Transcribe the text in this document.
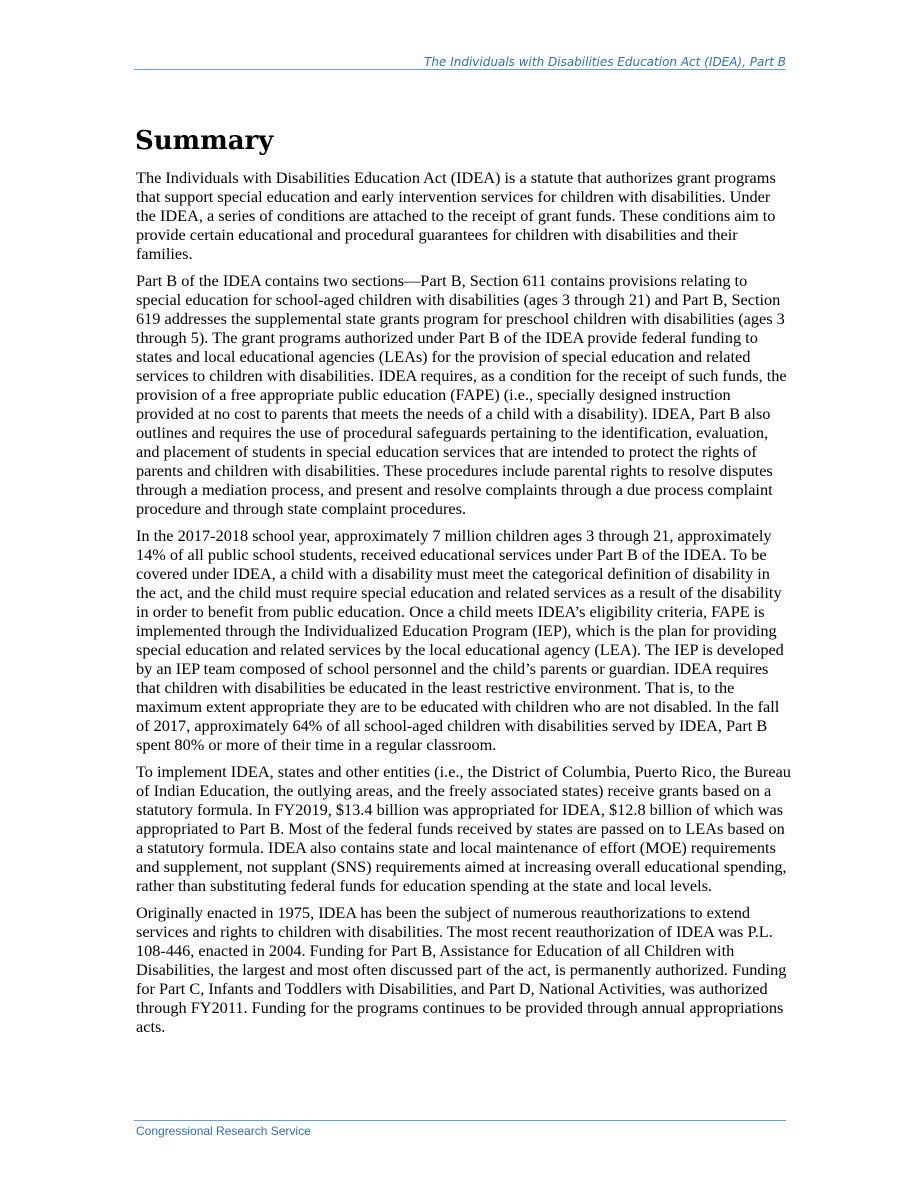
The Individuals with Disabilities Education Act (IDEA), Part B
Summary

The Individuals with Disabilities Education Act (IDEA) is a statute that authorizes grant programs that support special education and early intervention services for children with disabilities. Under the IDEA, a series of conditions are attached to the receipt of grant funds. These conditions aim to provide certain educational and procedural guarantees for children with disabilities and their families.

Part B of the IDEA contains two sections—Part B, Section 611 contains provisions relating to special education for school-aged children with disabilities (ages 3 through 21) and Part B, Section 619 addresses the supplemental state grants program for preschool children with disabilities (ages 3 through 5). The grant programs authorized under Part B of the IDEA provide federal funding to states and local educational agencies (LEAs) for the provision of special education and related services to children with disabilities. IDEA requires, as a condition for the receipt of such funds, the provision of a free appropriate public education (FAPE) (i.e., specially designed instruction provided at no cost to parents that meets the needs of a child with a disability). IDEA, Part B also outlines and requires the use of procedural safeguards pertaining to the identification, evaluation, and placement of students in special education services that are intended to protect the rights of parents and children with disabilities. These procedures include parental rights to resolve disputes through a mediation process, and present and resolve complaints through a due process complaint procedure and through state complaint procedures.

In the 2017-2018 school year, approximately 7 million children ages 3 through 21, approximately 14% of all public school students, received educational services under Part B of the IDEA. To be covered under IDEA, a child with a disability must meet the categorical definition of disability in the act, and the child must require special education and related services as a result of the disability in order to benefit from public education. Once a child meets IDEA’s eligibility criteria, FAPE is implemented through the Individualized Education Program (IEP), which is the plan for providing special education and related services by the local educational agency (LEA). The IEP is developed by an IEP team composed of school personnel and the child’s parents or guardian. IDEA requires that children with disabilities be educated in the least restrictive environment. That is, to the maximum extent appropriate they are to be educated with children who are not disabled. In the fall of 2017, approximately 64% of all school-aged children with disabilities served by IDEA, Part B spent 80% or more of their time in a regular classroom.

To implement IDEA, states and other entities (i.e., the District of Columbia, Puerto Rico, the Bureau of Indian Education, the outlying areas, and the freely associated states) receive grants based on a statutory formula. In FY2019, $13.4 billion was appropriated for IDEA, $12.8 billion of which was appropriated to Part B. Most of the federal funds received by states are passed on to LEAs based on a statutory formula. IDEA also contains state and local maintenance of effort (MOE) requirements and supplement, not supplant (SNS) requirements aimed at increasing overall educational spending, rather than substituting federal funds for education spending at the state and local levels.

Originally enacted in 1975, IDEA has been the subject of numerous reauthorizations to extend services and rights to children with disabilities. The most recent reauthorization of IDEA was P.L. 108-446, enacted in 2004. Funding for Part B, Assistance for Education of all Children with Disabilities, the largest and most often discussed part of the act, is permanently authorized. Funding for Part C, Infants and Toddlers with Disabilities, and Part D, National Activities, was authorized through FY2011. Funding for the programs continues to be provided through annual appropriations acts.

Congressional Research Service
